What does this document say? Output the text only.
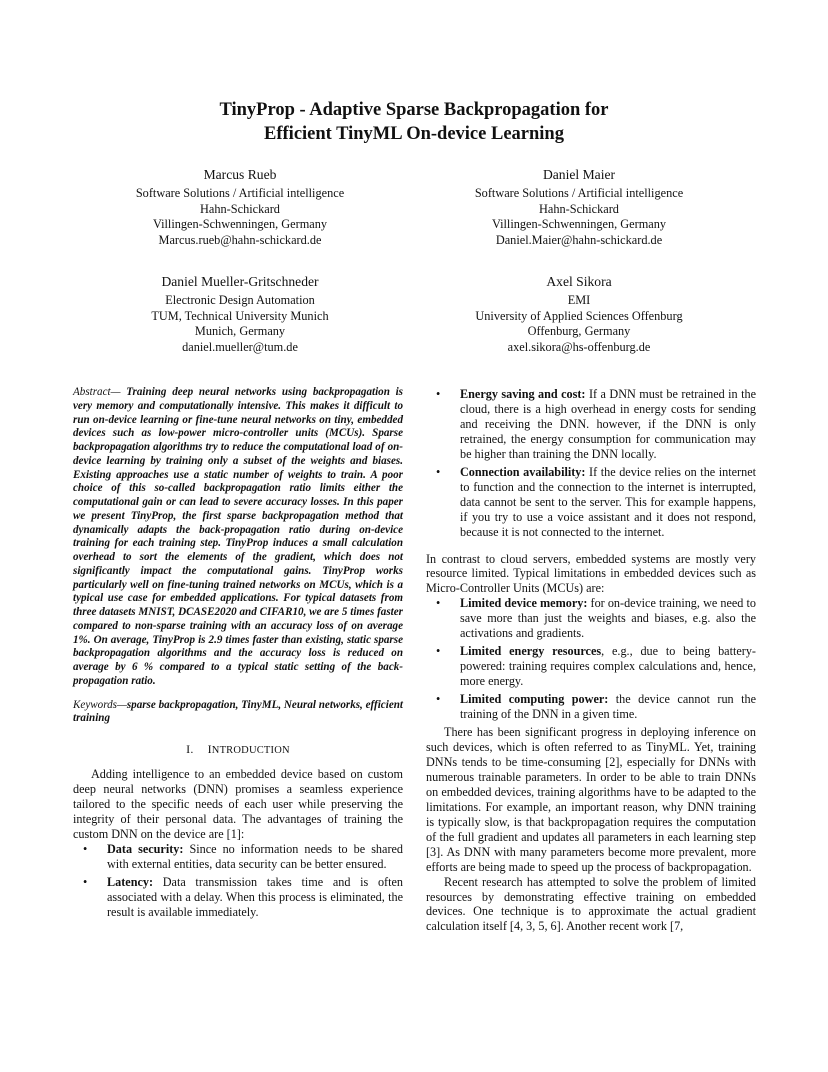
TinyProp - Adaptive Sparse Backpropagation for
Efficient TinyML On-device Learning
Marcus Rueb
Software Solutions / Artificial intelligence
Hahn-Schickard
Villingen-Schwenningen, Germany
Marcus.rueb@hahn-schickard.de
Daniel Maier
Software Solutions / Artificial intelligence
Hahn-Schickard
Villingen-Schwenningen, Germany
Daniel.Maier@hahn-schickard.de
Daniel Mueller-Gritschneder
Electronic Design Automation
TUM, Technical University Munich
Munich, Germany
daniel.mueller@tum.de
Axel Sikora
EMI
University of Applied Sciences Offenburg
Offenburg, Germany
axel.sikora@hs-offenburg.de
Abstract— Training deep neural networks using backpropagation is very memory and computationally intensive. This makes it difficult to run on-device learning or fine-tune neural networks on tiny, embedded devices such as low-power micro-controller units (MCUs). Sparse backpropagation algorithms try to reduce the computational load of on-device learning by training only a subset of the weights and biases. Existing approaches use a static number of weights to train. A poor choice of this so-called backpropagation ratio limits either the computational gain or can lead to severe accuracy losses. In this paper we present TinyProp, the first sparse backpropagation method that dynamically adapts the back-propagation ratio during on-device training for each training step. TinyProp induces a small calculation overhead to sort the elements of the gradient, which does not significantly impact the computational gains. TinyProp works particularly well on fine-tuning trained networks on MCUs, which is a typical use case for embedded applications. For typical datasets from three datasets MNIST, DCASE2020 and CIFAR10, we are 5 times faster compared to non-sparse training with an accuracy loss of on average 1%. On average, TinyProp is 2.9 times faster than existing, static sparse backpropagation algorithms and the accuracy loss is reduced on average by 6 % compared to a typical static setting of the back-propagation ratio.
Keywords—sparse backpropagation, TinyML, Neural networks, efficient training
I. INTRODUCTION

Adding intelligence to an embedded device based on custom deep neural networks (DNN) promises a seamless experience tailored to the specific needs of each user while preserving the integrity of their personal data. The advantages of training the custom DNN on the device are [1]:

• Data security: Since no information needs to be shared with external entities, data security can be better ensured.
• Latency: Data transmission takes time and is often associated with a delay. When this process is eliminated, the result is available immediately.
• Energy saving and cost: If a DNN must be retrained in the cloud, there is a high overhead in energy costs for sending and receiving the DNN. however, if the DNN is only retrained, the energy consumption for communication may be higher than training the DNN locally.
• Connection availability: If the device relies on the internet to function and the connection to the internet is interrupted, data cannot be sent to the server. This for example happens, if you try to use a voice assistant and it does not respond, because it is not connected to the internet.

In contrast to cloud servers, embedded systems are mostly very resource limited. Typical limitations in embedded devices such as Micro-Controller Units (MCUs) are:

• Limited device memory: for on-device training, we need to save more than just the weights and biases, e.g. also the activations and gradients.
• Limited energy resources, e.g., due to being battery-powered: training requires complex calculations and, hence, more energy.
• Limited computing power: the device cannot run the training of the DNN in a given time.

There has been significant progress in deploying inference on such devices, which is often referred to as TinyML. Yet, training DNNs tends to be time-consuming [2], especially for DNNs with numerous trainable parameters. In order to be able to train DNNs on embedded devices, training algorithms have to be adapted to the limitations. For example, an important reason, why DNN training is typically slow, is that backpropagation requires the computation of the full gradient and updates all parameters in each learning step [3]. As DNN with many parameters become more prevalent, more efforts are being made to speed up the process of backpropagation.

Recent research has attempted to solve the problem of limited resources by demonstrating effective training on embedded devices. One technique is to approximate the actual gradient calculation itself [4, 3, 5, 6]. Another recent work [7,
